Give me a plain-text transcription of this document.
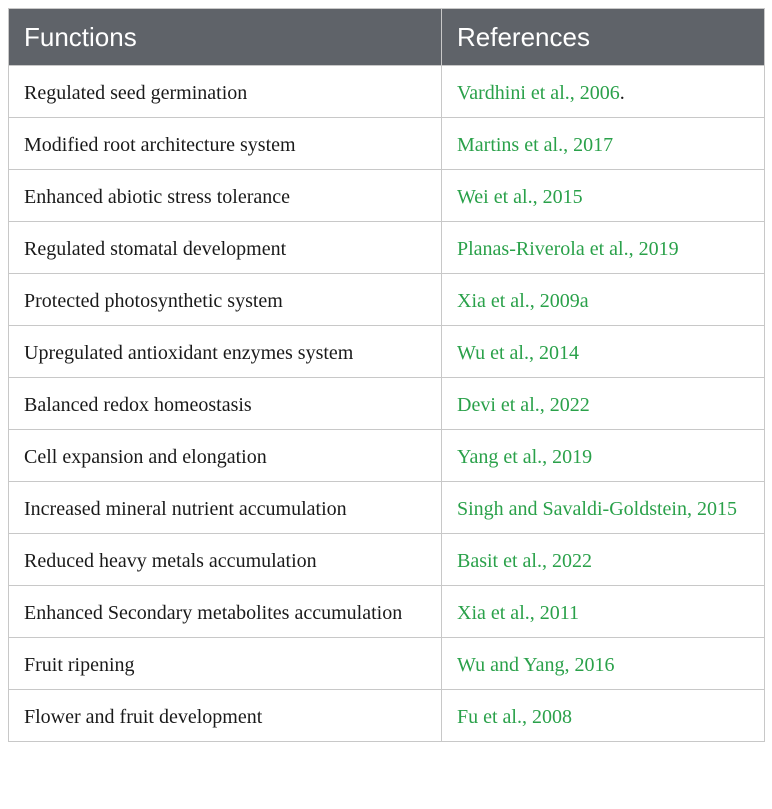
Functions	References
Regulated seed germination	Vardhini et al., 2006.
Modified root architecture system	Martins et al., 2017
Enhanced abiotic stress tolerance	Wei et al., 2015
Regulated stomatal development	Planas-Riverola et al., 2019
Protected photosynthetic system	Xia et al., 2009a
Upregulated antioxidant enzymes system	Wu et al., 2014
Balanced redox homeostasis	Devi et al., 2022
Cell expansion and elongation	Yang et al., 2019
Increased mineral nutrient accumulation	Singh and Savaldi-Goldstein, 2015
Reduced heavy metals accumulation	Basit et al., 2022
Enhanced Secondary metabolites accumulation	Xia et al., 2011
Fruit ripening	Wu and Yang, 2016
Flower and fruit development	Fu et al., 2008
